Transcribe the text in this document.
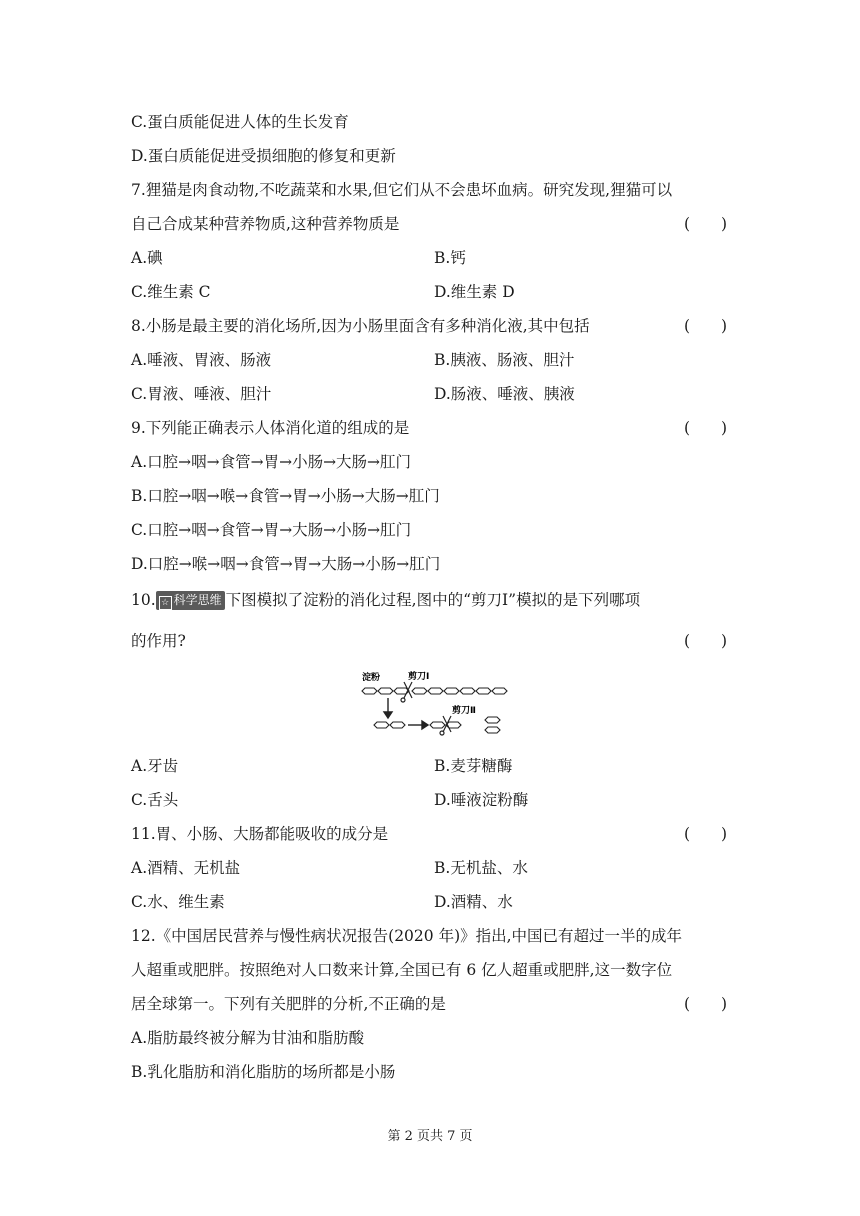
C.蛋白质能促进人体的生长发育
D.蛋白质能促进受损细胞的修复和更新
7.狸猫是肉食动物,不吃蔬菜和水果,但它们从不会患坏血病。研究发现,狸猫可以
自己合成某种营养物质,这种营养物质是	(　　)
A.碘	B.钙
C.维生素 C	D.维生素 D
8.小肠是最主要的消化场所,因为小肠里面含有多种消化液,其中包括	(　　)
A.唾液、胃液、肠液	B.胰液、肠液、胆汁
C.胃液、唾液、胆汁	D.肠液、唾液、胰液
9.下列能正确表示人体消化道的组成的是	(　　)
A.口腔→咽→食管→胃→小肠→大肠→肛门
B.口腔→咽→喉→食管→胃→小肠→大肠→肛门
C.口腔→咽→食管→胃→大肠→小肠→肛门
D.口腔→喉→咽→食管→胃→大肠→小肠→肛门
10. ☆ 科学思维 下图模拟了淀粉的消化过程,图中的“剪刀Ⅰ”模拟的是下列哪项
的作用?	(　　)
淀粉	剪刀Ⅰ
剪刀Ⅱ
A.牙齿	B.麦芽糖酶
C.舌头	D.唾液淀粉酶
11.胃、小肠、大肠都能吸收的成分是	(　　)
A.酒精、无机盐	B.无机盐、水
C.水、维生素	D.酒精、水
12.《中国居民营养与慢性病状况报告(2020 年)》指出,中国已有超过一半的成年
人超重或肥胖。按照绝对人口数来计算,全国已有 6 亿人超重或肥胖,这一数字位
居全球第一。下列有关肥胖的分析,不正确的是	(　　)
A.脂肪最终被分解为甘油和脂肪酸
B.乳化脂肪和消化脂肪的场所都是小肠
第 2 页共 7 页
